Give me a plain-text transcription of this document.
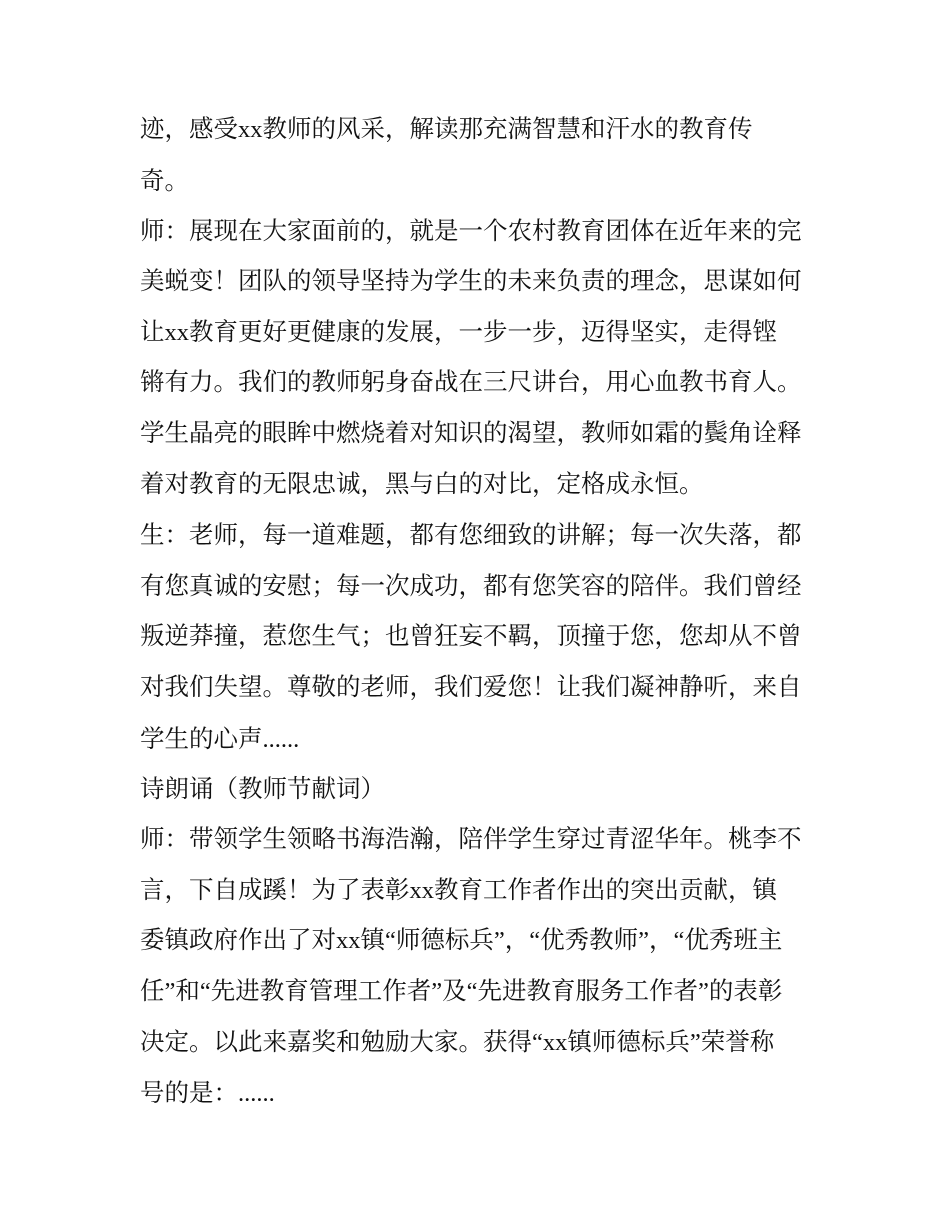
迹，感受xx教师的风采，解读那充满智慧和汗水的教育传
奇。
师：展现在大家面前的，就是一个农村教育团体在近年来的完
美蜕变！团队的领导坚持为学生的未来负责的理念，思谋如何
让xx教育更好更健康的发展，一步一步，迈得坚实，走得铿
锵有力。我们的教师躬身奋战在三尺讲台，用心血教书育人。
学生晶亮的眼眸中燃烧着对知识的渴望，教师如霜的鬓角诠释
着对教育的无限忠诚，黑与白的对比，定格成永恒。
生：老师，每一道难题，都有您细致的讲解；每一次失落，都
有您真诚的安慰；每一次成功，都有您笑容的陪伴。我们曾经
叛逆莽撞，惹您生气；也曾狂妄不羁，顶撞于您，您却从不曾
对我们失望。尊敬的老师，我们爱您！让我们凝神静听，来自
学生的心声......
诗朗诵（教师节献词）
师：带领学生领略书海浩瀚，陪伴学生穿过青涩华年。桃李不
言，下自成蹊！为了表彰xx教育工作者作出的突出贡献，镇
委镇政府作出了对xx镇“师德标兵”，“优秀教师”，“优秀班主
任”和“先进教育管理工作者”及“先进教育服务工作者”的表彰
决定。以此来嘉奖和勉励大家。获得“xx镇师德标兵”荣誉称
号的是：......
